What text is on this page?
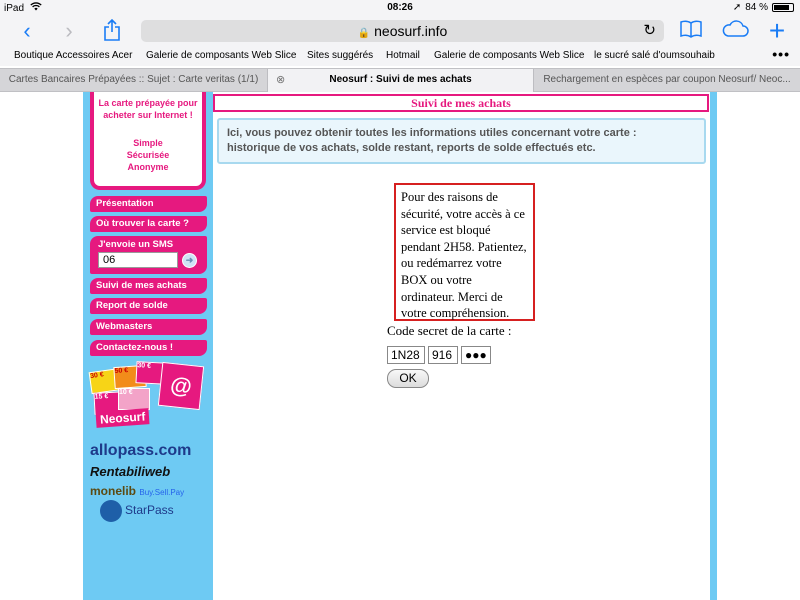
iPad	08:26	➚ 84 %
‹	›	🔒 neosurf.info	↻	+
Boutique Accessoires Acer Galerie de composants Web Slice Sites suggérés Hotmail Galerie de composants Web Slice le sucré salé d'oumsouhaib	•••
Cartes Bancaires Prépayées :: Sujet : Carte veritas (1/1)	⊗	Neosurf : Suivi de mes achats	Rechargement en espèces par coupon Neosurf/ Neoc...
La carte prépayée pour
acheter sur Internet !
Simple
Sécurisée
Anonyme
Présentation
Où trouver la carte ?
J'envoie un SMS
06	➜
Suivi de mes achats
Report de solde
Webmasters
Contactez-nous !
30 €
50 €
30 €
15 €
10 €	@
Neosurf
allopass.com
Rentabiliweb
monelib Buy.Sell.Pay
StarPass
Suivi de mes achats
Ici, vous pouvez obtenir toutes les informations utiles concernant votre carte :
historique de vos achats, solde restant, reports de solde effectués etc.
Pour des raisons de sécurité, votre accès à ce service est bloqué pendant 2H58. Patientez, ou redémarrez votre BOX ou votre ordinateur. Merci de votre compréhension.
Code secret de la carte :
1N28	916	●●●
OK
